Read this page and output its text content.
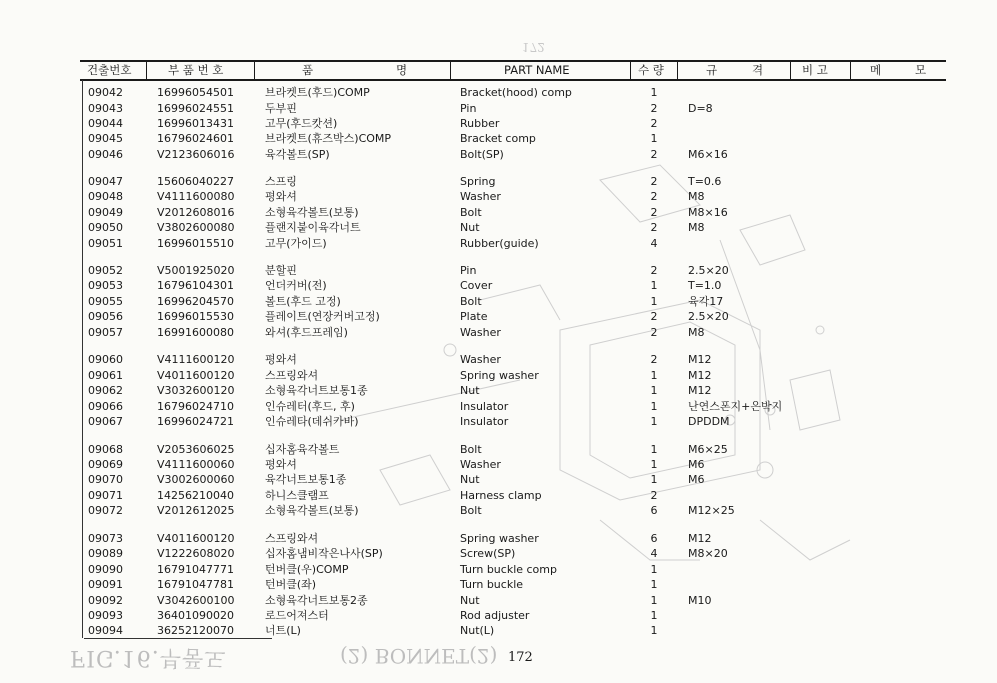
건출번호	부 품 번 호	품	명	PART NAME	수 량	규	격	비 고	메	모
09042	16996054501	브라켓트(후드)COMP	Bracket(hood) comp	1
09043	16996024551	두부핀	Pin	2	D=8
09044	16996013431	고무(후드캇션)	Rubber	2
09045	16796024601	브라켓트(휴즈박스)COMP	Bracket comp	1
09046	V2123606016	육각볼트(SP)	Bolt(SP)	2	M6×16
09047	15606040227	스프링	Spring	2	T=0.6
09048	V4111600080	평와셔	Washer	2	M8
09049	V2012608016	소형육각볼트(보통)	Bolt	2	M8×16
09050	V3802600080	플랜지붙이육각너트	Nut	2	M8
09051	16996015510	고무(가이드)	Rubber(guide)	4
09052	V5001925020	분할핀	Pin	2	2.5×20
09053	16796104301	언더커버(전)	Cover	1	T=1.0
09055	16996204570	볼트(후드 고정)	Bolt	1	육각17
09056	16996015530	플레이트(연장커버고정)	Plate	2	2.5×20
09057	16991600080	와셔(후드프레임)	Washer	2	M8
09060	V4111600120	평와셔	Washer	2	M12
09061	V4011600120	스프링와셔	Spring washer	1	M12
09062	V3032600120	소형육각너트보통1종	Nut	1	M12
09066	16796024710	인슈레터(후드, 후)	Insulator	1	난연스폰지+은박지
09067	16996024721	인슈레타(데쉬카바)	Insulator	1	DPDDM
09068	V2053606025	십자홈육각볼트	Bolt	1	M6×25
09069	V4111600060	평와셔	Washer	1	M6
09070	V3002600060	육각너트보통1종	Nut	1	M6
09071	14256210040	하니스클램프	Harness clamp	2
09072	V2012612025	소형육각볼트(보통)	Bolt	6	M12×25
09073	V4011600120	스프링와셔	Spring washer	6	M12
09089	V1222608020	십자홈냄비작은나사(SP)	Screw(SP)	4	M8×20
09090	16791047771	턴버클(우)COMP	Turn buckle comp	1
09091	16791047781	턴버클(좌)	Turn buckle	1
09092	V3042600100	소형육각너트보통2종	Nut	1	M10
09093	36401090020	로드어져스터	Rod adjuster	1
09094	36252120070	너트(L)	Nut(L)	1
172
FIG.16.부품도	(2) BONNET(2) 172
